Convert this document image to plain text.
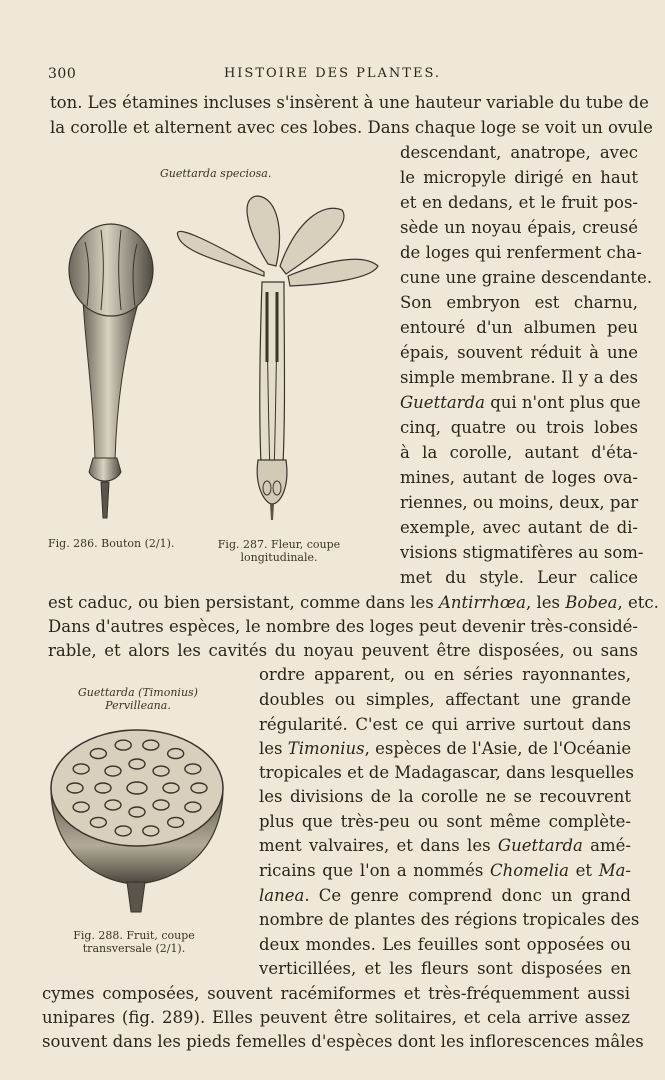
300	HISTOIRE DES PLANTES.
ton. Les étamines incluses s'insèrent à une hauteur variable du tube de
la corolle et alternent avec ces lobes. Dans chaque loge se voit un ovule
descendant, anatrope, avec
le micropyle dirigé en haut
et en dedans, et le fruit pos-
sède un noyau épais, creusé
de loges qui renferment cha-
cune une graine descendante.
Son embryon est charnu,
entouré d'un albumen peu
épais, souvent réduit à une
simple membrane. Il y a des
Guettarda qui n'ont plus que
cinq, quatre ou trois lobes
à la corolle, autant d'éta-
mines, autant de loges ova-
riennes, ou moins, deux, par
exemple, avec autant de di-
visions stigmatifères au som-
met du style. Leur calice
est caduc, ou bien persistant, comme dans les Antirrhœa, les Bobea, etc.
Dans d'autres espèces, le nombre des loges peut devenir très-considé-
rable, et alors les cavités du noyau peuvent être disposées, ou sans
ordre apparent, ou en séries rayonnantes,
doubles ou simples, affectant une grande
régularité. C'est ce qui arrive surtout dans
les Timonius, espèces de l'Asie, de l'Océanie
tropicales et de Madagascar, dans lesquelles
les divisions de la corolle ne se recouvrent
plus que très-peu ou sont même complète-
ment valvaires, et dans les Guettarda amé-
ricains que l'on a nommés Chomelia et Ma-
lanea. Ce genre comprend donc un grand
nombre de plantes des régions tropicales des
deux mondes. Les feuilles sont opposées ou
verticillées, et les fleurs sont disposées en
cymes composées, souvent racémiformes et très-fréquemment aussi
unipares (fig. 289). Elles peuvent être solitaires, et cela arrive assez
souvent dans les pieds femelles d'espèces dont les inflorescences mâles
Guettarda speciosa.
Fig. 286. Bouton (2/1).	Fig. 287. Fleur, coupe
longitudinale.
Guettarda (Timonius)
Pervilleana.
Fig. 288. Fruit, coupe
transversale (2/1).
